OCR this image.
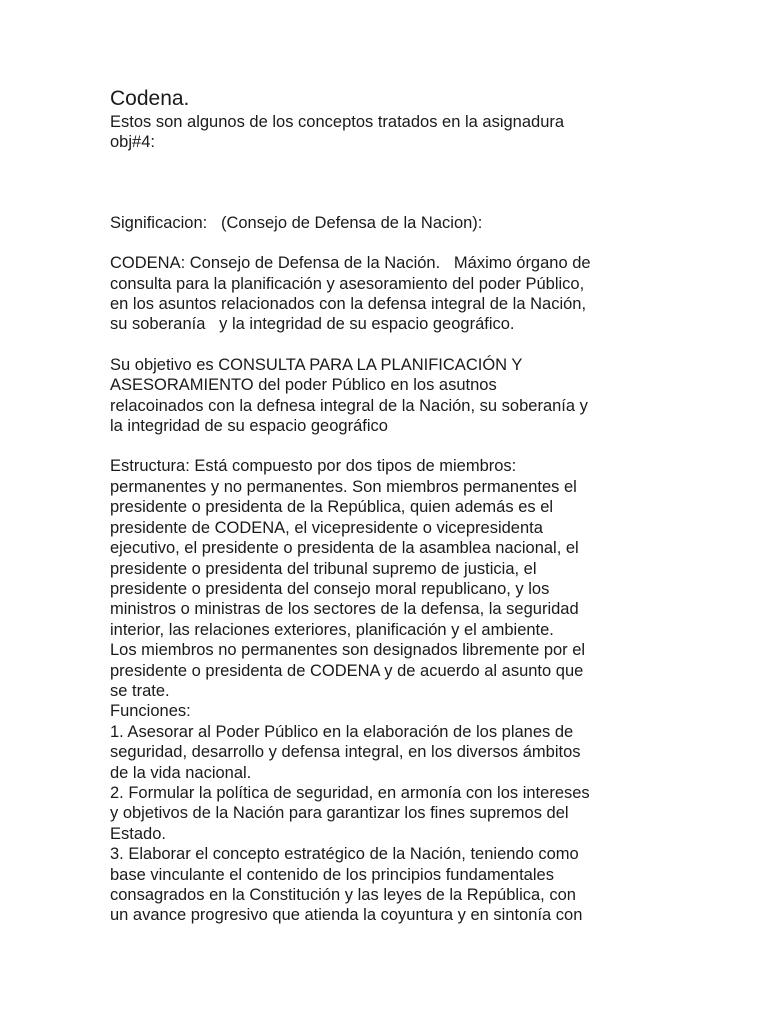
Codena.
Estos son algunos de los conceptos tratados en la asignadura
obj#4:
Significacion:   (Consejo de Defensa de la Nacion):
CODENA: Consejo de Defensa de la Nación.   Máximo órgano de
consulta para la planificación y asesoramiento del poder Público,
en los asuntos relacionados con la defensa integral de la Nación,
su soberanía   y la integridad de su espacio geográfico.
Su objetivo es CONSULTA PARA LA PLANIFICACIÓN Y
ASESORAMIENTO del poder Público en los asutnos
relacoinados con la defnesa integral de la Nación, su soberanía y
la integridad de su espacio geográfico
Estructura: Está compuesto por dos tipos de miembros:
permanentes y no permanentes. Son miembros permanentes el
presidente o presidenta de la República, quien además es el
presidente de CODENA, el vicepresidente o vicepresidenta
ejecutivo, el presidente o presidenta de la asamblea nacional, el
presidente o presidenta del tribunal supremo de justicia, el
presidente o presidenta del consejo moral republicano, y los
ministros o ministras de los sectores de la defensa, la seguridad
interior, las relaciones exteriores, planificación y el ambiente.
Los miembros no permanentes son designados libremente por el
presidente o presidenta de CODENA y de acuerdo al asunto que
se trate.
Funciones:
1. Asesorar al Poder Público en la elaboración de los planes de
seguridad, desarrollo y defensa integral, en los diversos ámbitos
de la vida nacional.
2. Formular la política de seguridad, en armonía con los intereses
y objetivos de la Nación para garantizar los fines supremos del
Estado.
3. Elaborar el concepto estratégico de la Nación, teniendo como
base vinculante el contenido de los principios fundamentales
consagrados en la Constitución y las leyes de la República, con
un avance progresivo que atienda la coyuntura y en sintonía con
